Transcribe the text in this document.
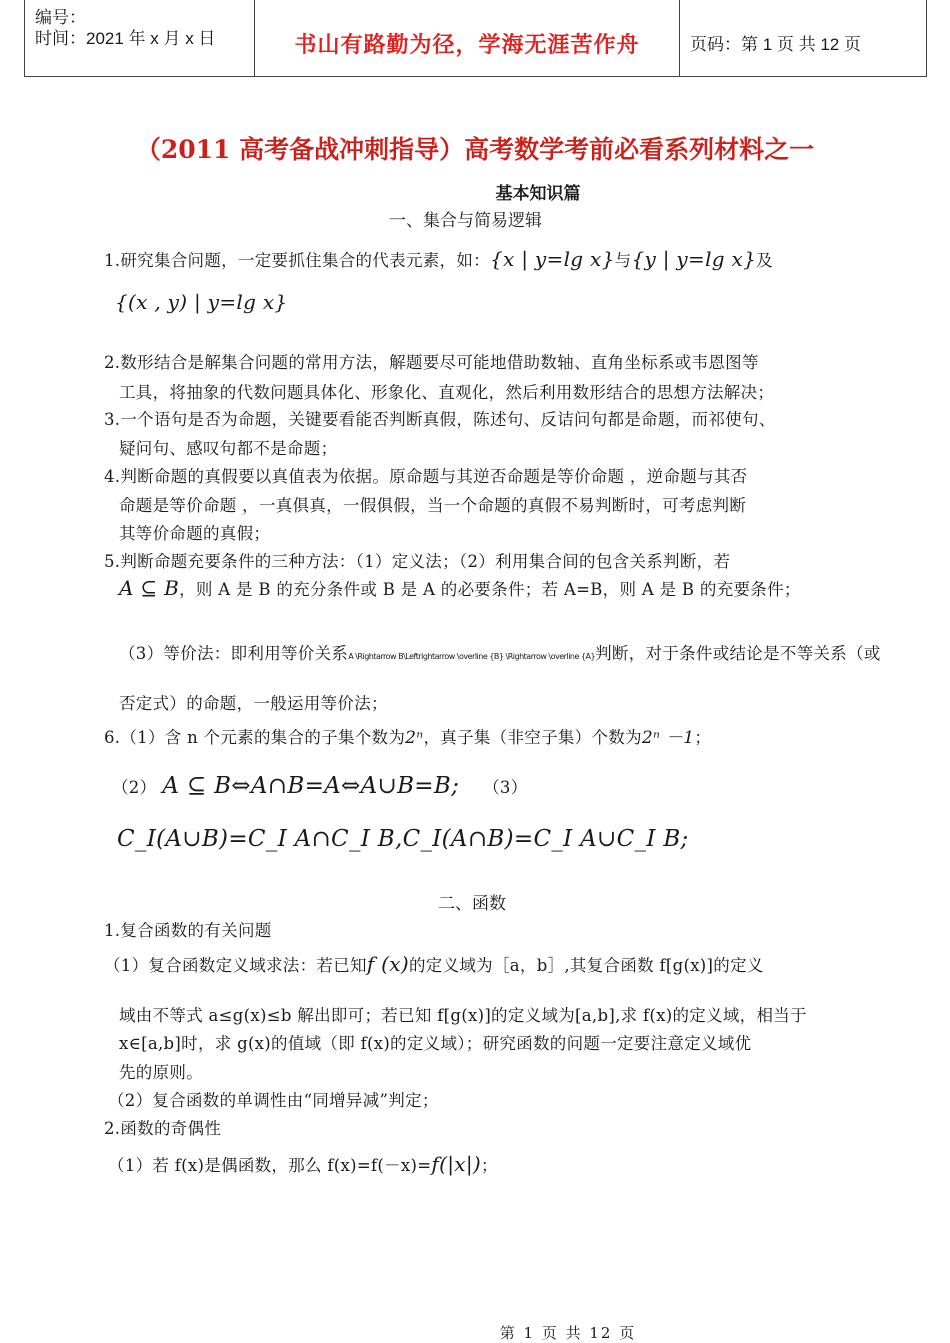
编号：
时间：2021 年 x 月 x 日	书山有路勤为径，学海无涯苦作舟	页码：第 1 页 共 12 页
（2011 高考备战冲刺指导）高考数学考前必看系列材料之一
基本知识篇
一、集合与简易逻辑
1.研究集合问题，一定要抓住集合的代表元素，如：{x | y=lg x}与{y | y=lg x}及
{(x , y) | y=lg x}
2.数形结合是解集合问题的常用方法，解题要尽可能地借助数轴、直角坐标系或韦恩图等
工具，将抽象的代数问题具体化、形象化、直观化，然后利用数形结合的思想方法解决；
3.一个语句是否为命题，关键要看能否判断真假，陈述句、反诘问句都是命题，而祁使句、
疑问句、感叹句都不是命题；
4.判断命题的真假要以真值表为依据。原命题与其逆否命题是等价命题 ，逆命题与其否
命题是等价命题 ，一真俱真，一假俱假，当一个命题的真假不易判断时，可考虑判断
其等价命题的真假；
5.判断命题充要条件的三种方法：（1）定义法；（2）利用集合间的包含关系判断，若
A ⊆ B，则 A 是 B 的充分条件或 B 是 A 的必要条件；若 A=B，则 A 是 B 的充要条件；
（3）等价法：即利用等价关系A \Rightarrow B\Leftrightarrow \overline {B} \Rightarrow \overline {A}判断，对于条件或结论是不等关系（或
否定式）的命题，一般运用等价法；
6.（1）含 n 个元素的集合的子集个数为2ⁿ，真子集（非空子集）个数为2ⁿ －1；
（2） A ⊆ B⇔A∩B=A⇔A∪B=B; （3）
C_I(A∪B)=C_I A∩C_I B,C_I(A∩B)=C_I A∪C_I B;
二、函数
1.复合函数的有关问题
（1）复合函数定义域求法：若已知f (x)的定义域为［a，b］,其复合函数 f[g(x)]的定义
域由不等式 a≤g(x)≤b 解出即可；若已知 f[g(x)]的定义域为[a,b],求 f(x)的定义域，相当于
x∈[a,b]时，求 g(x)的值域（即 f(x)的定义域）；研究函数的问题一定要注意定义域优
先的原则。
（2）复合函数的单调性由“同增异减”判定；
2.函数的奇偶性
（1）若 f(x)是偶函数，那么 f(x)=f(－x)=f(|x|)；
第 1 页 共 12 页
